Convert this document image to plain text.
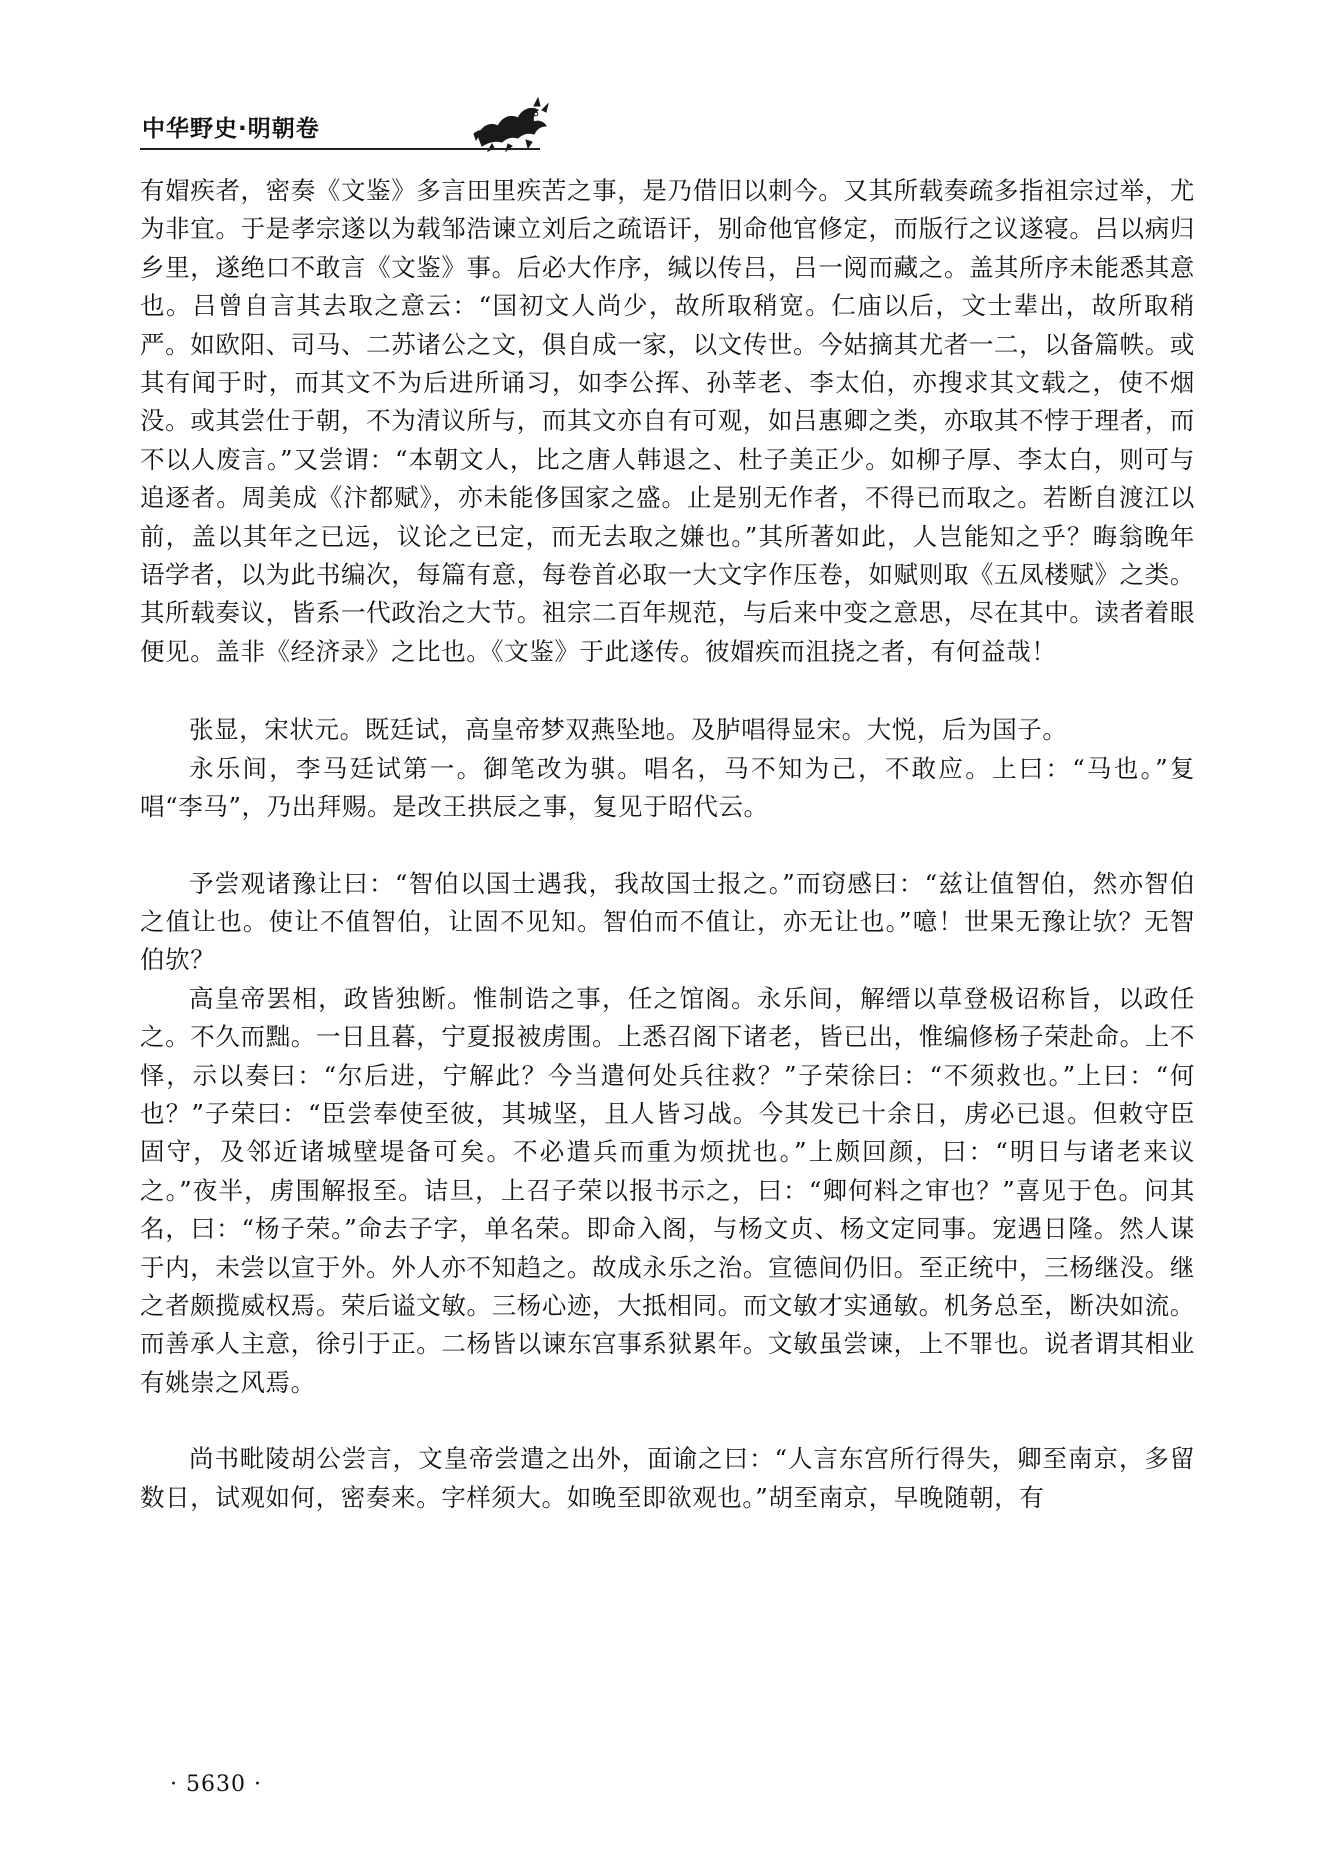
中华野史·明朝卷

有媢疾者，密奏《文鉴》多言田里疾苦之事，是乃借旧以刺今。又其所载奏疏多指祖宗过举，尤为非宜。于是孝宗遂以为载邹浩谏立刘后之疏语讦，别命他官修定，而版行之议遂寝。吕以病归乡里，遂绝口不敢言《文鉴》事。后必大作序，缄以传吕，吕一阅而藏之。盖其所序未能悉其意也。吕曾自言其去取之意云：“国初文人尚少，故所取稍宽。仁庙以后，文士辈出，故所取稍严。如欧阳、司马、二苏诸公之文，俱自成一家，以文传世。今姑摘其尤者一二，以备篇帙。或其有闻于时，而其文不为后进所诵习，如李公挥、孙莘老、李太伯，亦搜求其文载之，使不烟没。或其尝仕于朝，不为清议所与，而其文亦自有可观，如吕惠卿之类，亦取其不悖于理者，而不以人废言。”又尝谓：“本朝文人，比之唐人韩退之、杜子美正少。如柳子厚、李太白，则可与追逐者。周美成《汴都赋》，亦未能侈国家之盛。止是别无作者，不得已而取之。若断自渡江以前，盖以其年之已远，议论之已定，而无去取之嫌也。”其所著如此，人岂能知之乎？晦翁晚年语学者，以为此书编次，每篇有意，每卷首必取一大文字作压卷，如赋则取《五凤楼赋》之类。其所载奏议，皆系一代政治之大节。祖宗二百年规范，与后来中变之意思，尽在其中。读者着眼便见。盖非《经济录》之比也。《文鉴》于此遂传。彼媢疾而沮挠之者，有何益哉！

张显，宋状元。既廷试，高皇帝梦双燕坠地。及胪唱得显宋。大悦，后为国子。

永乐间，李马廷试第一。御笔改为骐。唱名，马不知为己，不敢应。上曰：“马也。”复唱“李马”，乃出拜赐。是改王拱辰之事，复见于昭代云。

予尝观诸豫让曰：“智伯以国士遇我，我故国士报之。”而窃感曰：“兹让值智伯，然亦智伯之值让也。使让不值智伯，让固不见知。智伯而不值让，亦无让也。”噫！世果无豫让欤？无智伯欤？

高皇帝罢相，政皆独断。惟制诰之事，任之馆阁。永乐间，解缙以草登极诏称旨，以政任之。不久而黜。一日且暮，宁夏报被虏围。上悉召阁下诸老，皆已出，惟编修杨子荣赴命。上不怿，示以奏曰：“尔后进，宁解此？今当遣何处兵往救？”子荣徐曰：“不须救也。”上曰：“何也？”子荣曰：“臣尝奉使至彼，其城坚，且人皆习战。今其发已十余日，虏必已退。但敕守臣固守，及邻近诸城壁堤备可矣。不必遣兵而重为烦扰也。”上颇回颜，曰：“明日与诸老来议之。”夜半，虏围解报至。诘旦，上召子荣以报书示之，曰：“卿何料之审也？”喜见于色。问其名，曰：“杨子荣。”命去子字，单名荣。即命入阁，与杨文贞、杨文定同事。宠遇日隆。然人谋于内，未尝以宣于外。外人亦不知趋之。故成永乐之治。宣德间仍旧。至正统中，三杨继没。继之者颇揽威权焉。荣后谥文敏。三杨心迹，大抵相同。而文敏才实通敏。机务总至，断决如流。而善承人主意，徐引于正。二杨皆以谏东宫事系狱累年。文敏虽尝谏，上不罪也。说者谓其相业有姚崇之风焉。

尚书毗陵胡公尝言，文皇帝尝遣之出外，面谕之曰：“人言东宫所行得失，卿至南京，多留数日，试观如何，密奏来。字样须大。如晚至即欲观也。”胡至南京，早晚随朝，有

· 5630 ·
